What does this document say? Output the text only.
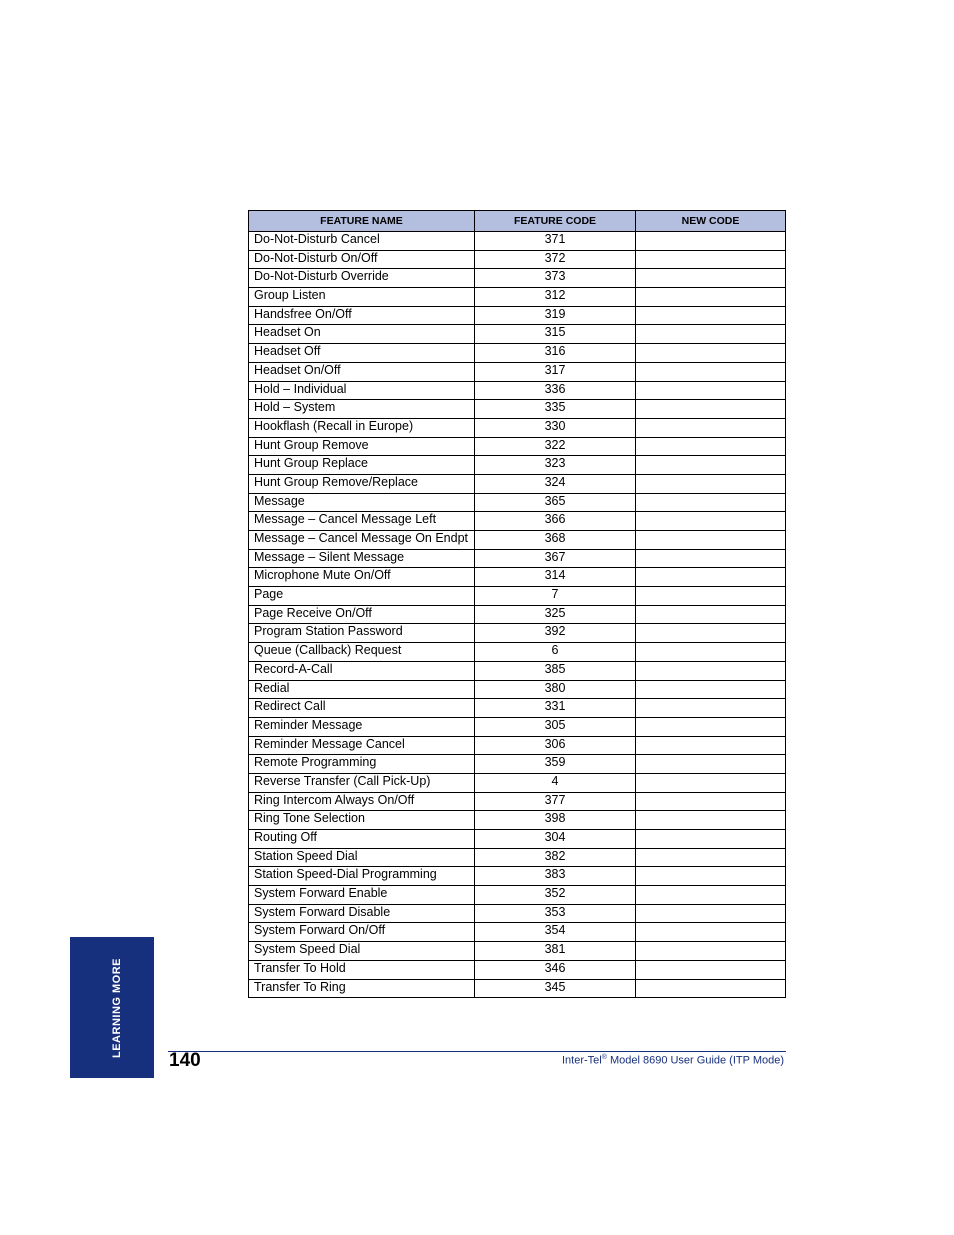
FEATURE NAME	FEATURE CODE	NEW CODE
Do-Not-Disturb Cancel	371	
Do-Not-Disturb On/Off	372	
Do-Not-Disturb Override	373	
Group Listen	312	
Handsfree On/Off	319	
Headset On	315	
Headset Off	316	
Headset On/Off	317	
Hold – Individual	336	
Hold – System	335	
Hookflash (Recall in Europe)	330	
Hunt Group Remove	322	
Hunt Group Replace	323	
Hunt Group Remove/Replace	324	
Message	365	
Message – Cancel Message Left	366	
Message – Cancel Message On Endpt	368	
Message – Silent Message	367	
Microphone Mute On/Off	314	
Page	7	
Page Receive On/Off	325	
Program Station Password	392	
Queue (Callback) Request	6	
Record-A-Call	385	
Redial	380	
Redirect Call	331	
Reminder Message	305	
Reminder Message Cancel	306	
Remote Programming	359	
Reverse Transfer (Call Pick-Up)	4	
Ring Intercom Always On/Off	377	
Ring Tone Selection	398	
Routing Off	304	
Station Speed Dial	382	
Station Speed-Dial Programming	383	
System Forward Enable	352	
System Forward Disable	353	
System Forward On/Off	354	
System Speed Dial	381	
Transfer To Hold	346	
Transfer To Ring	345	
LEARNING MORE
140	Inter-Tel® Model 8690 User Guide (ITP Mode)
